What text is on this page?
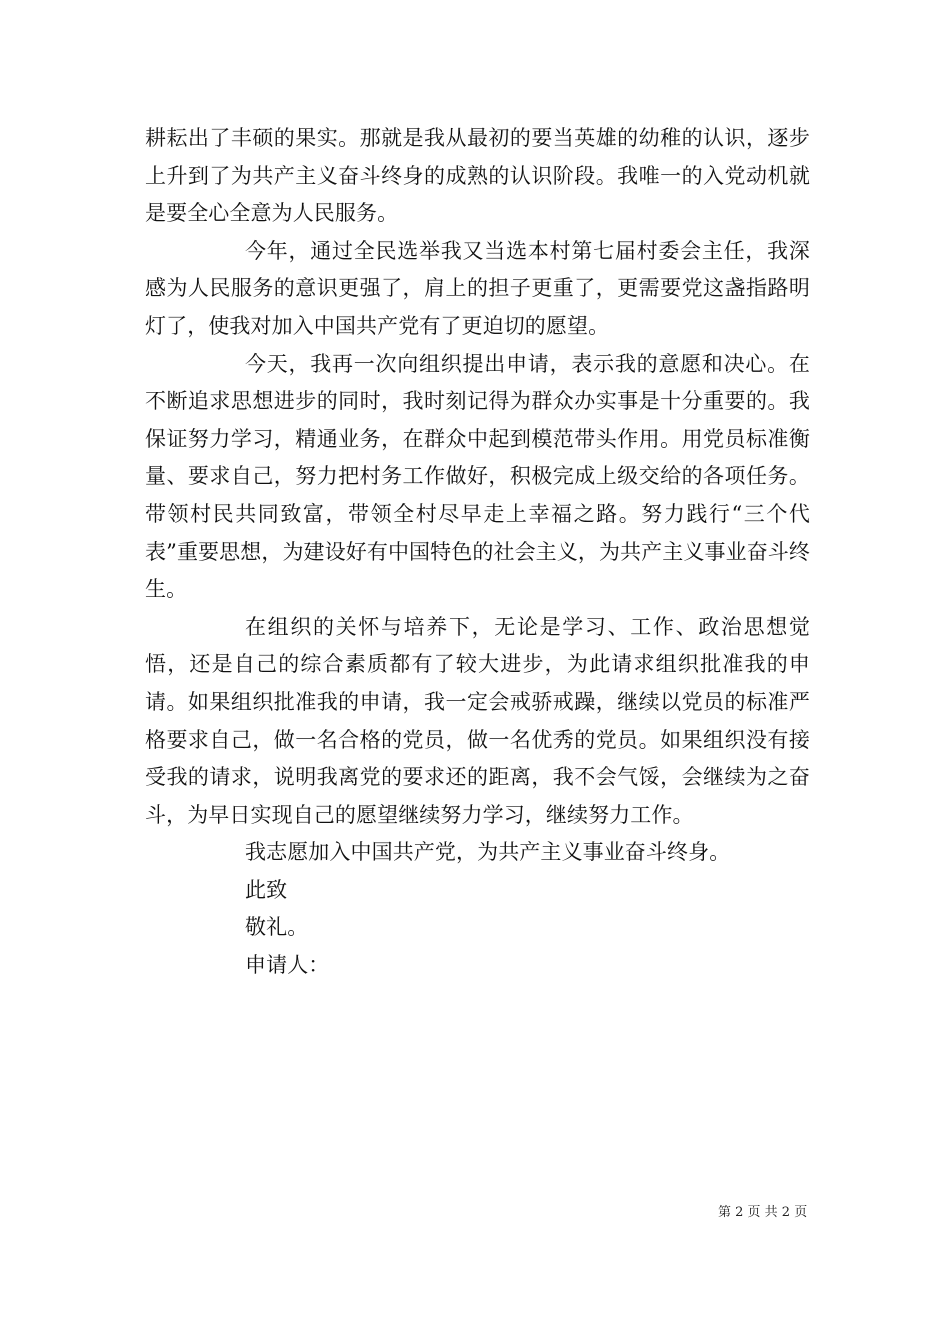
耕耘出了丰硕的果实。那就是我从最初的要当英雄的幼稚的认识，逐步上升到了为共产主义奋斗终身的成熟的认识阶段。我唯一的入党动机就是要全心全意为人民服务。

今年，通过全民选举我又当选本村第七届村委会主任，我深感为人民服务的意识更强了，肩上的担子更重了，更需要党这盏指路明灯了，使我对加入中国共产党有了更迫切的愿望。

今天，我再一次向组织提出申请，表示我的意愿和决心。在不断追求思想进步的同时，我时刻记得为群众办实事是十分重要的。我保证努力学习，精通业务，在群众中起到模范带头作用。用党员标准衡量、要求自己，努力把村务工作做好，积极完成上级交给的各项任务。带领村民共同致富，带领全村尽早走上幸福之路。努力践行“三个代表”重要思想，为建设好有中国特色的社会主义，为共产主义事业奋斗终生。

在组织的关怀与培养下，无论是学习、工作、政治思想觉悟，还是自己的综合素质都有了较大进步，为此请求组织批准我的申请。如果组织批准我的申请，我一定会戒骄戒躁，继续以党员的标准严格要求自己，做一名合格的党员，做一名优秀的党员。如果组织没有接受我的请求，说明我离党的要求还的距离，我不会气馁，会继续为之奋斗，为早日实现自己的愿望继续努力学习，继续努力工作。

我志愿加入中国共产党，为共产主义事业奋斗终身。

此致

敬礼。

申请人：

第 2 页 共 2 页
